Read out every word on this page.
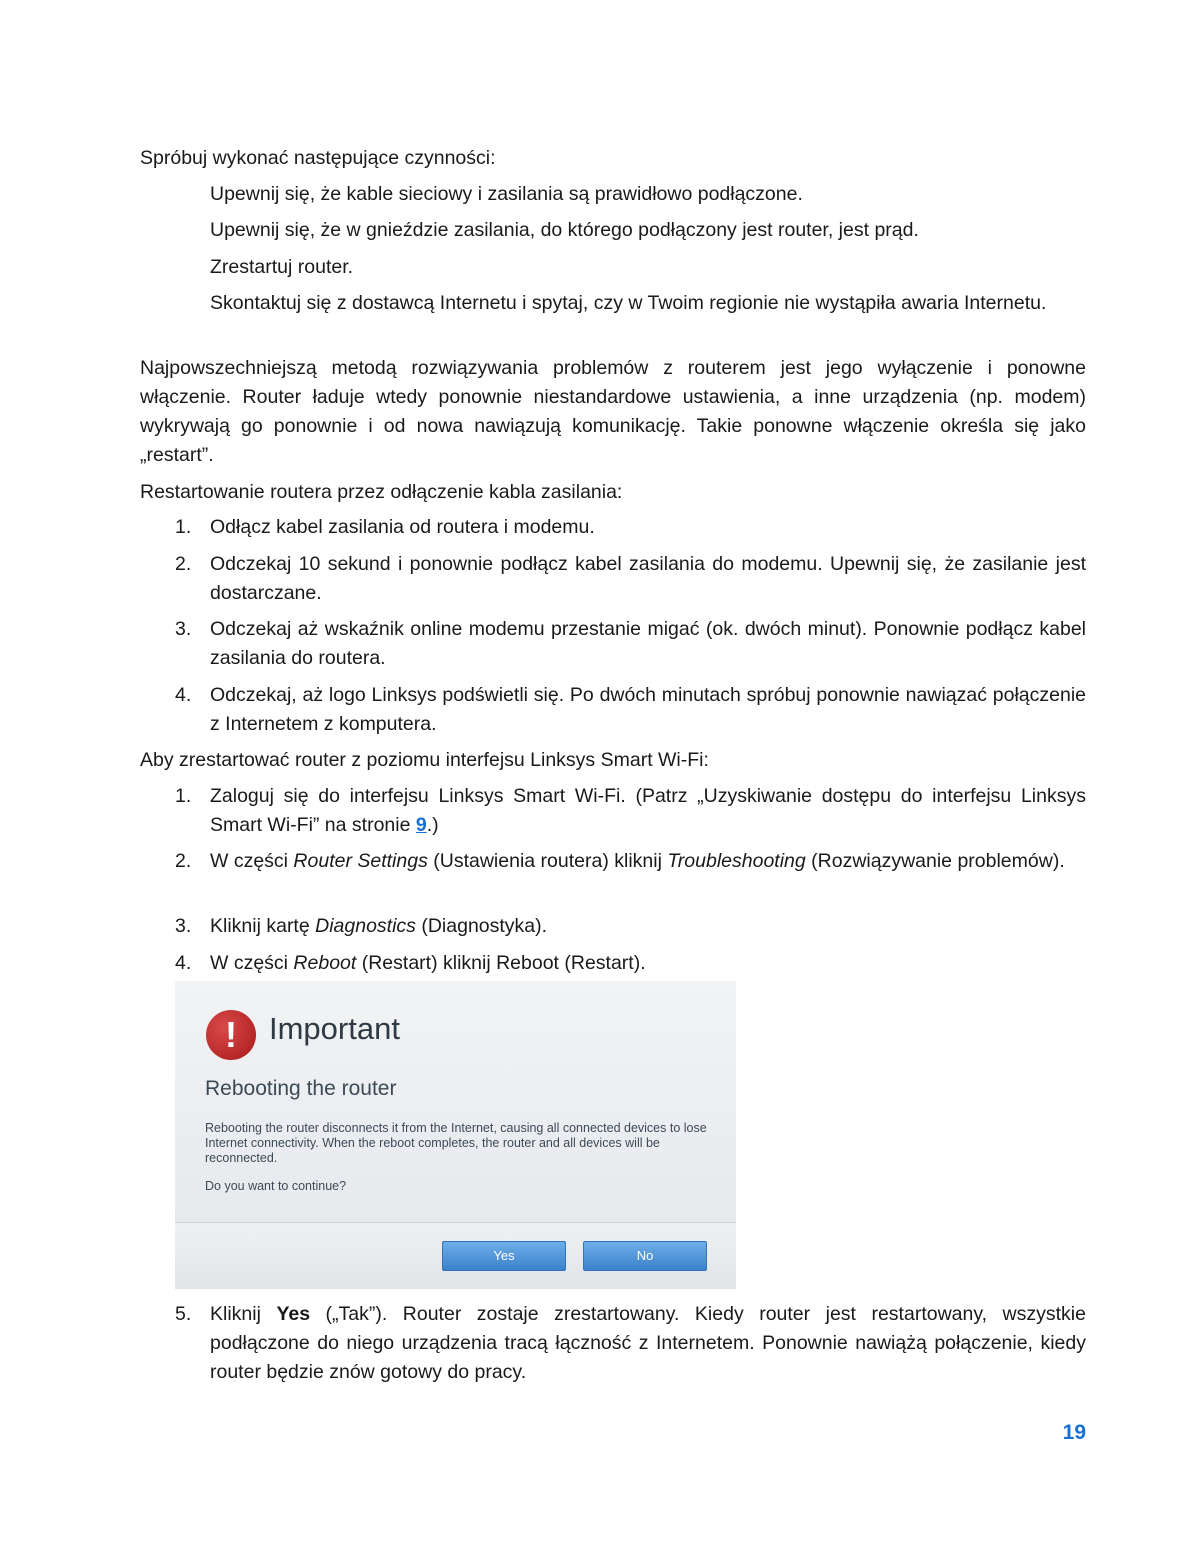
Spróbuj wykonać następujące czynności:

Upewnij się, że kable sieciowy i zasilania są prawidłowo podłączone.

Upewnij się, że w gnieździe zasilania, do którego podłączony jest router, jest prąd.

Zrestartuj router.

Skontaktuj się z dostawcą Internetu i spytaj, czy w Twoim regionie nie wystąpiła awaria Internetu.

Najpowszechniejszą metodą rozwiązywania problemów z routerem jest jego wyłączenie i ponowne włączenie. Router ładuje wtedy ponownie niestandardowe ustawienia, a inne urządzenia (np. modem) wykrywają go ponownie i od nowa nawiązują komunikację. Takie ponowne włączenie określa się jako „restart”.

Restartowanie routera przez odłączenie kabla zasilania:

1. Odłącz kabel zasilania od routera i modemu.

2. Odczekaj 10 sekund i ponownie podłącz kabel zasilania do modemu. Upewnij się, że zasilanie jest dostarczane.

3. Odczekaj aż wskaźnik online modemu przestanie migać (ok. dwóch minut). Ponownie podłącz kabel zasilania do routera.

4. Odczekaj, aż logo Linksys podświetli się. Po dwóch minutach spróbuj ponownie nawiązać połączenie z Internetem z komputera.

Aby zrestartować router z poziomu interfejsu Linksys Smart Wi-Fi:

1. Zaloguj się do interfejsu Linksys Smart Wi-Fi. (Patrz „Uzyskiwanie dostępu do interfejsu Linksys Smart Wi-Fi” na stronie 9.)

2. W części Router Settings (Ustawienia routera) kliknij Troubleshooting (Rozwiązywanie problemów).

3. Kliknij kartę Diagnostics (Diagnostyka).

4. W części Reboot (Restart) kliknij Reboot (Restart).

!	Important
Rebooting the router
Rebooting the router disconnects it from the Internet, causing all connected devices to lose Internet connectivity. When the reboot completes, the router and all devices will be reconnected.
Do you want to continue?
Yes	No
5. Kliknij Yes („Tak”). Router zostaje zrestartowany. Kiedy router jest restartowany, wszystkie podłączone do niego urządzenia tracą łączność z Internetem. Ponownie nawiążą połączenie, kiedy router będzie znów gotowy do pracy.

19
